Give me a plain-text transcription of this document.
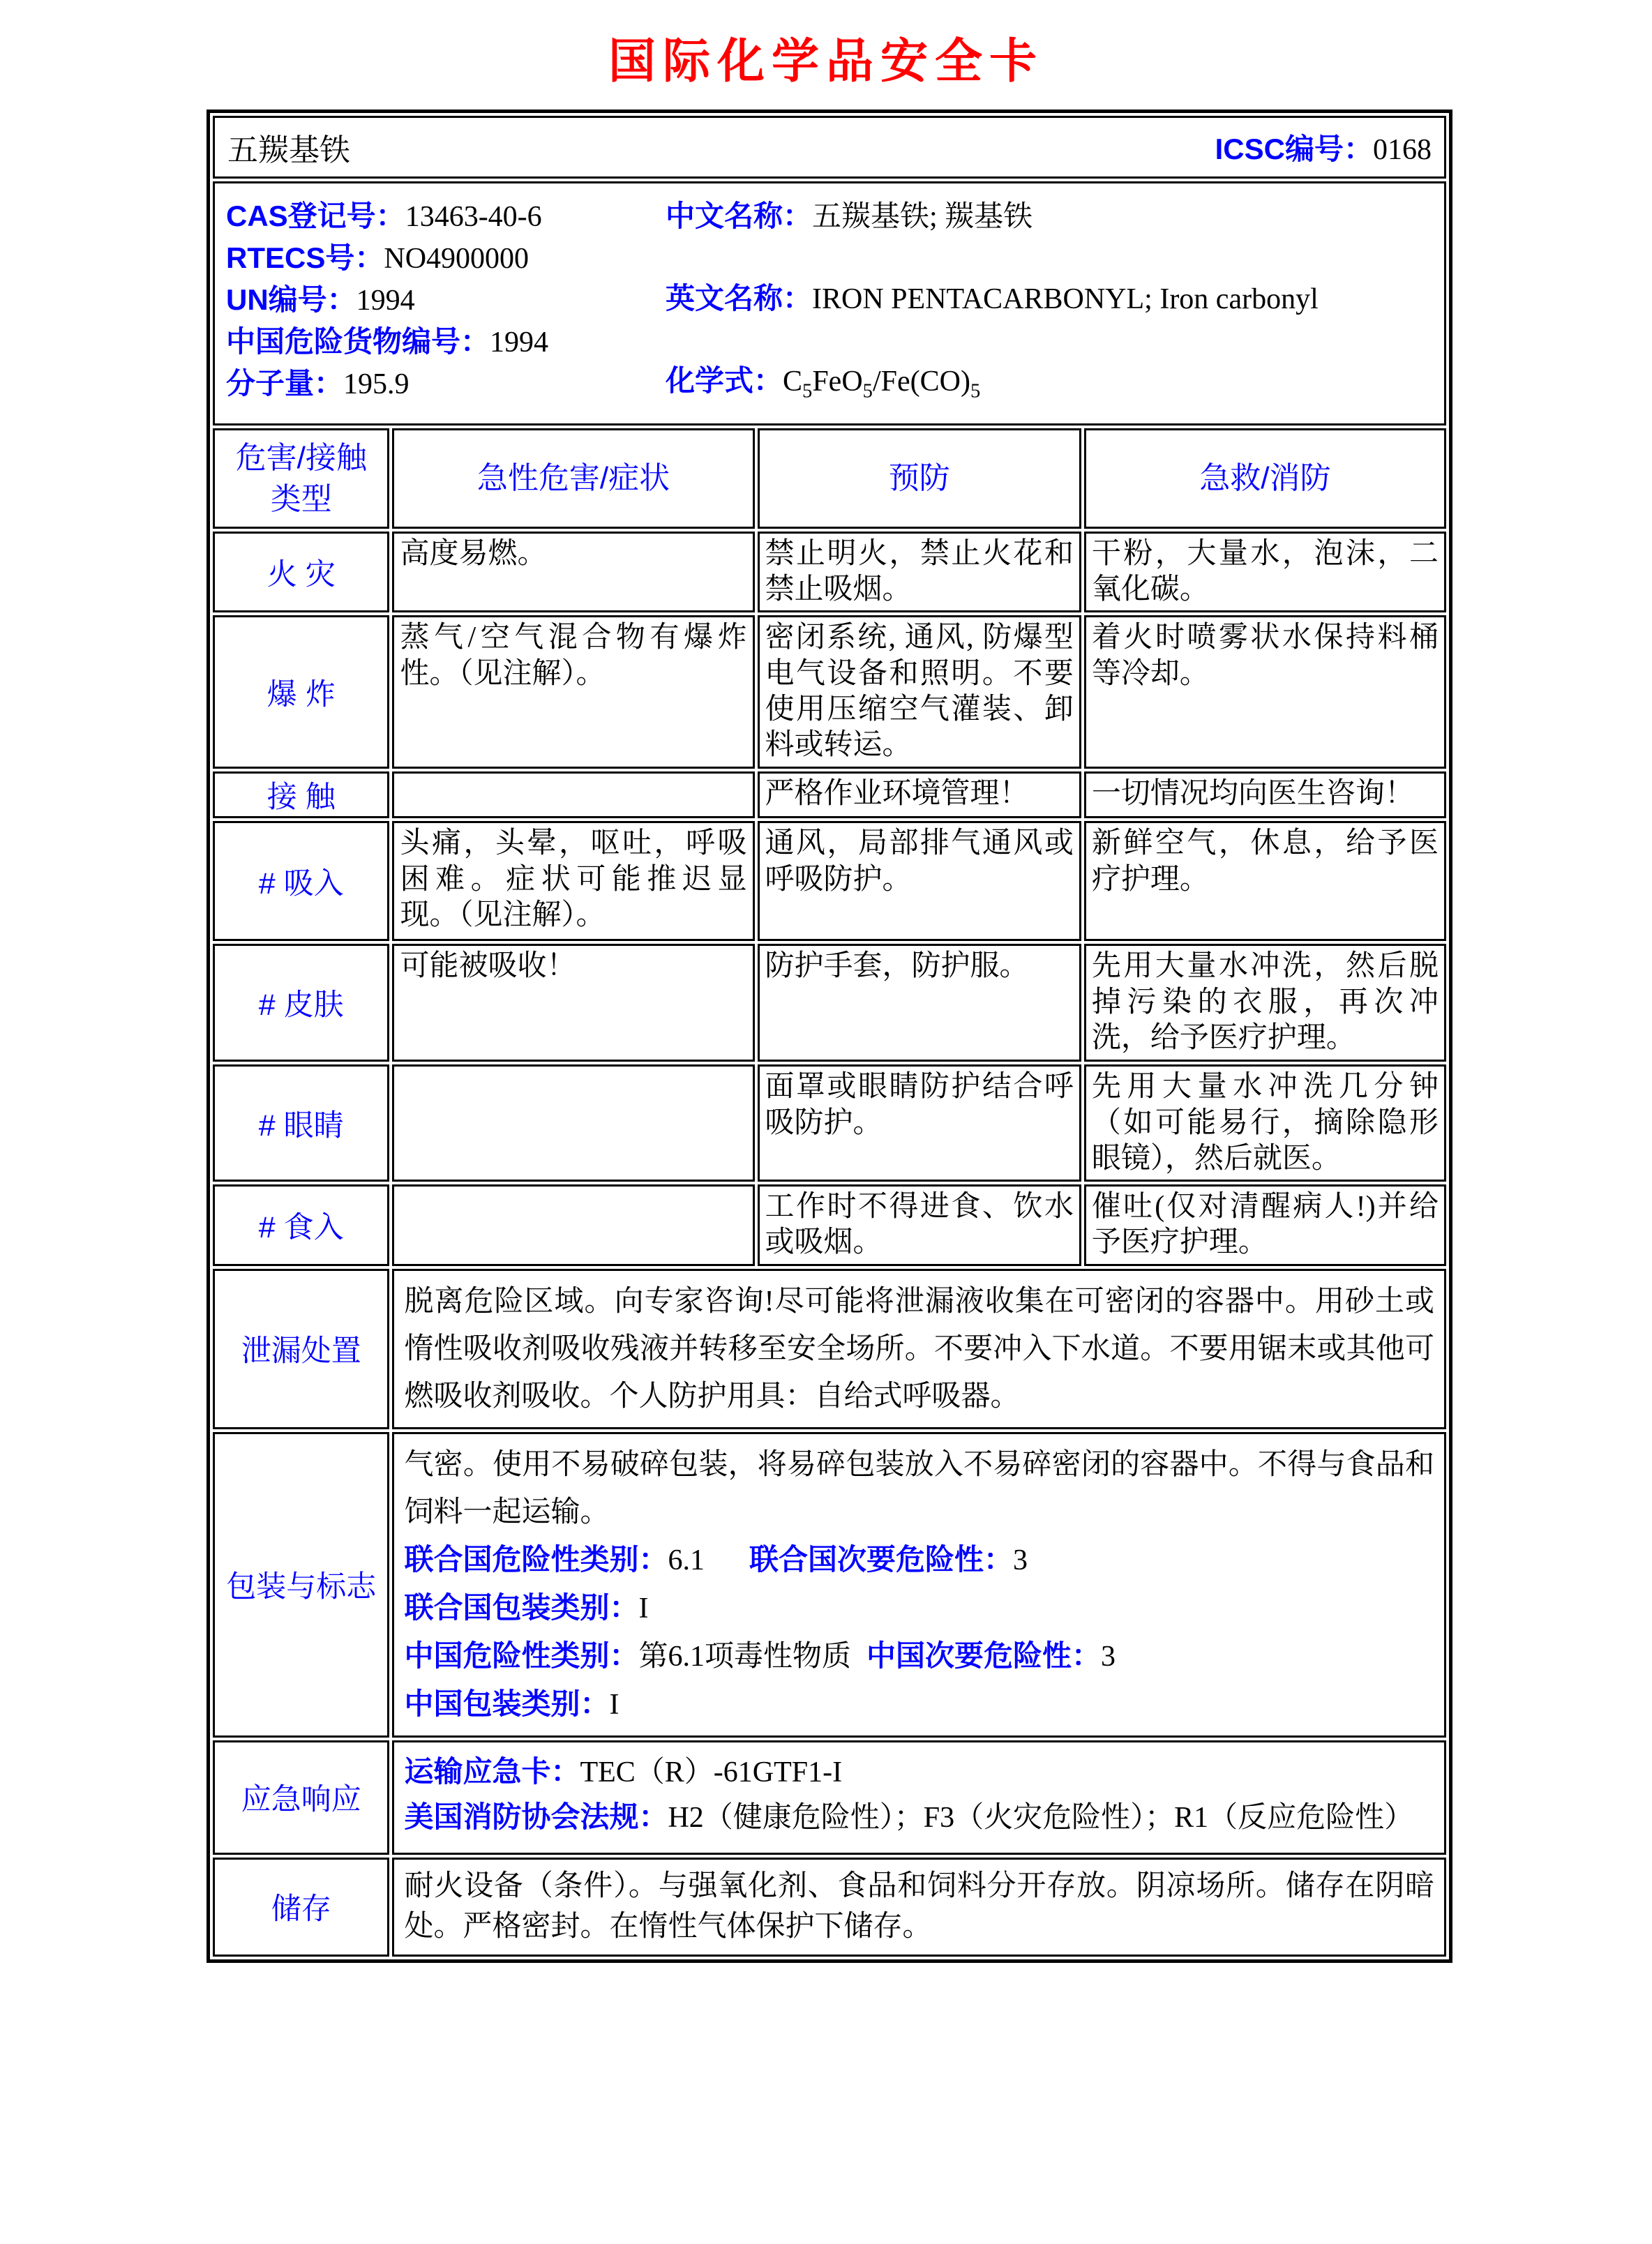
国际化学品安全卡
五羰基铁 ICSC编号：0168			

CAS登记号：13463-40-6
RTECS号：NO4900000
UN编号：1994
中国危险货物编号：1994
分子量：195.9
中文名称：五羰基铁; 羰基铁
英文名称：IRON PENTACARBONYL; Iron carbonyl
化学式：$C_5FeO_5/Fe(CO)_5$

危害/接触
类型	急性危害/症状	预防	急救/消防
火 灾	高度易燃。	禁止明火，禁止火花和禁止吸烟。	干粉，大量水，泡沫，二氧化碳。
爆 炸	蒸气/空气混合物有爆炸性。（见注解）。	密闭系统, 通风, 防爆型电气设备和照明。不要使用压缩空气灌装、卸料或转运。	着火时喷雾状水保持料桶等冷却。
接 触		严格作业环境管理！	一切情况均向医生咨询！
# 吸入	头痛，头晕，呕吐，呼吸困难。症状可能推迟显现。（见注解）。	通风，局部排气通风或呼吸防护。	新鲜空气，休息，给予医疗护理。
# 皮肤	可能被吸收！	防护手套，防护服。	先用大量水冲洗，然后脱掉污染的衣服，再次冲洗，给予医疗护理。
# 眼睛		面罩或眼睛防护结合呼吸防护。	先用大量水冲洗几分钟（如可能易行，摘除隐形眼镜），然后就医。
# 食入		工作时不得进食、饮水或吸烟。	催吐(仅对清醒病人!)并给予医疗护理。
泄漏处置	脱离危险区域。向专家咨询!尽可能将泄漏液收集在可密闭的容器中。用砂土或惰性吸收剂吸收残液并转移至安全场所。不要冲入下水道。不要用锯末或其他可燃吸收剂吸收。个人防护用具：自给式呼吸器。		

包装与标志	气密。使用不易破碎包装，将易碎包装放入不易碎密闭的容器中。不得与食品和饲料一起运输。
联合国危险性类别：6.1 联合国次要危险性：3
联合国包装类别：I
中国危险性类别：第6.1项毒性物质 中国次要危险性：3
中国包装类别：I		

应急响应	运输应急卡：TEC（R）-61GTF1-I
美国消防协会法规：H2（健康危险性）；F3（火灾危险性）；R1（反应危险性）		

储存	耐火设备（条件）。与强氧化剂、食品和饲料分开存放。阴凉场所。储存在阴暗处。严格密封。在惰性气体保护下储存。		
